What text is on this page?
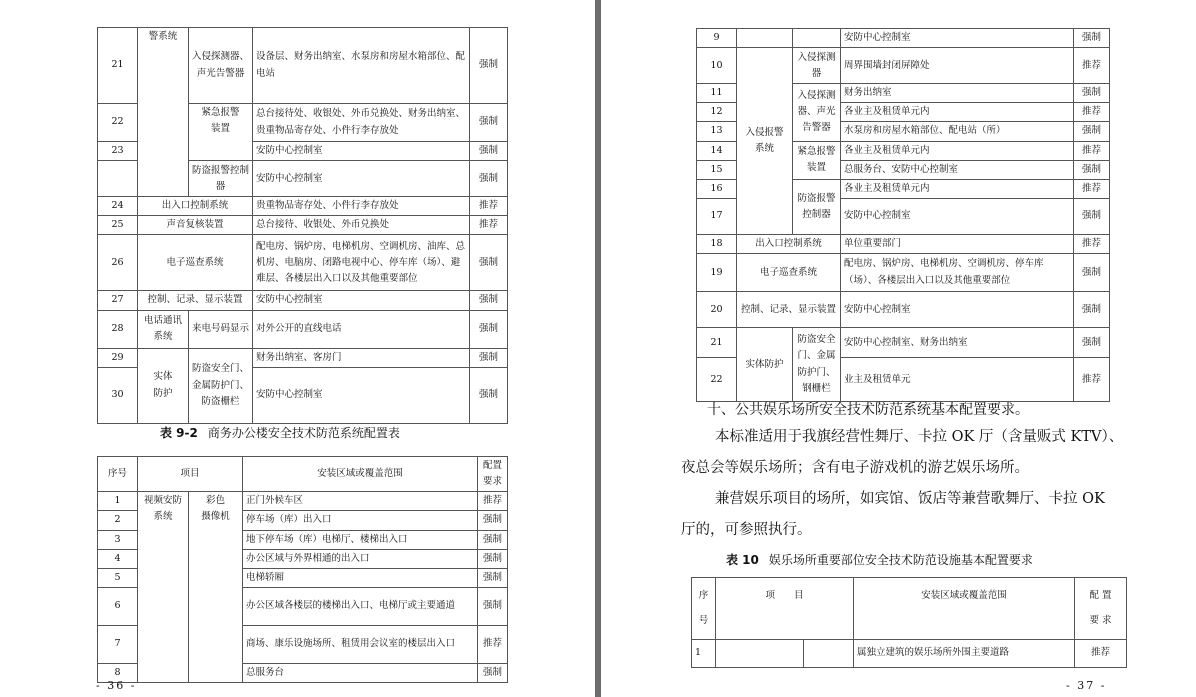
21	警系统	入侵探测器、
声光告警器	设备层、财务出纳室、水泵房和房屋水箱部位、配电站	强制
22		紧急报警
装置	总台接待处、收银处、外币兑换处、财务出纳室、贵重物品寄存处、小件行李存放处	强制
23			安防中心控制室	强制
		防盗报警控制器	安防中心控制室	强制
24	出入口控制系统		贵重物品寄存处、小件行李存放处	推荐
25	声音复核装置		总台接待、收银处、外币兑换处	推荐
26	电子巡查系统		配电房、锅炉房、电梯机房、空调机房、油库、总机房、电脑房、闭路电视中心、停车库（场）、避难层、各楼层出入口以及其他重要部位	强制
27	控制、记录、显示装置		安防中心控制室	强制
28	电话通讯系统	来电号码显示	对外公开的直线电话	强制
29	实体
防护	防盗安全门、金属防护门、防盗栅栏	财务出纳室、客房门	强制
30			安防中心控制室	强制
表 9-2 商务办公楼安全技术防范系统配置表
序号	项目		安装区域或覆盖范围	配置
要求
1	视频安防
系统	彩色
摄像机	正门外候车区	推荐
2			停车场（库）出入口	强制
3			地下停车场（库）电梯厅、楼梯出入口	强制
4			办公区域与外界相通的出入口	强制
5			电梯轿厢	强制
6			办公区域各楼层的楼梯出入口、电梯厅或主要通道	强制
7			商场、康乐设施场所、租赁用会议室的楼层出入口	推荐
8			总服务台	强制
- 36 -
9			安防中心控制室	强制
10	入侵报警
系统	入侵探测器	周界围墙封闭屏障处	推荐
11		入侵探测器、声光告警器	财务出纳室	强制
12			各业主及租赁单元内	推荐
13			水泵房和房屋水箱部位、配电站（所）	强制
14		紧急报警装置	各业主及租赁单元内	推荐
15			总服务台、安防中心控制室	强制
16		防盗报警控制器	各业主及租赁单元内	推荐
17			安防中心控制室	强制
18	出入口控制系统		单位重要部门	推荐
19	电子巡查系统		配电房、锅炉房、电梯机房、空调机房、停车库（场）、各楼层出入口以及其他重要部位	强制
20	控制、记录、显示装置		安防中心控制室	强制
21	实体防护	防盗安全门、金属防护门、钢栅栏	安防中心控制室、财务出纳室	强制
22			业主及租赁单元	推荐
十、公共娱乐场所安全技术防范系统基本配置要求。
本标准适用于我旗经营性舞厅、卡拉 OK 厅（含量贩式 KTV）、
夜总会等娱乐场所；含有电子游戏机的游艺娱乐场所。
兼营娱乐项目的场所，如宾馆、饭店等兼营歌舞厅、卡拉 OK
厅的，可参照执行。
表 10 娱乐场所重要部位安全技术防范设施基本配置要求
序
号	项　　目		安装区域或覆盖范围	配 置
要 求
1			属独立建筑的娱乐场所外围主要道路	推荐
- 37 -
